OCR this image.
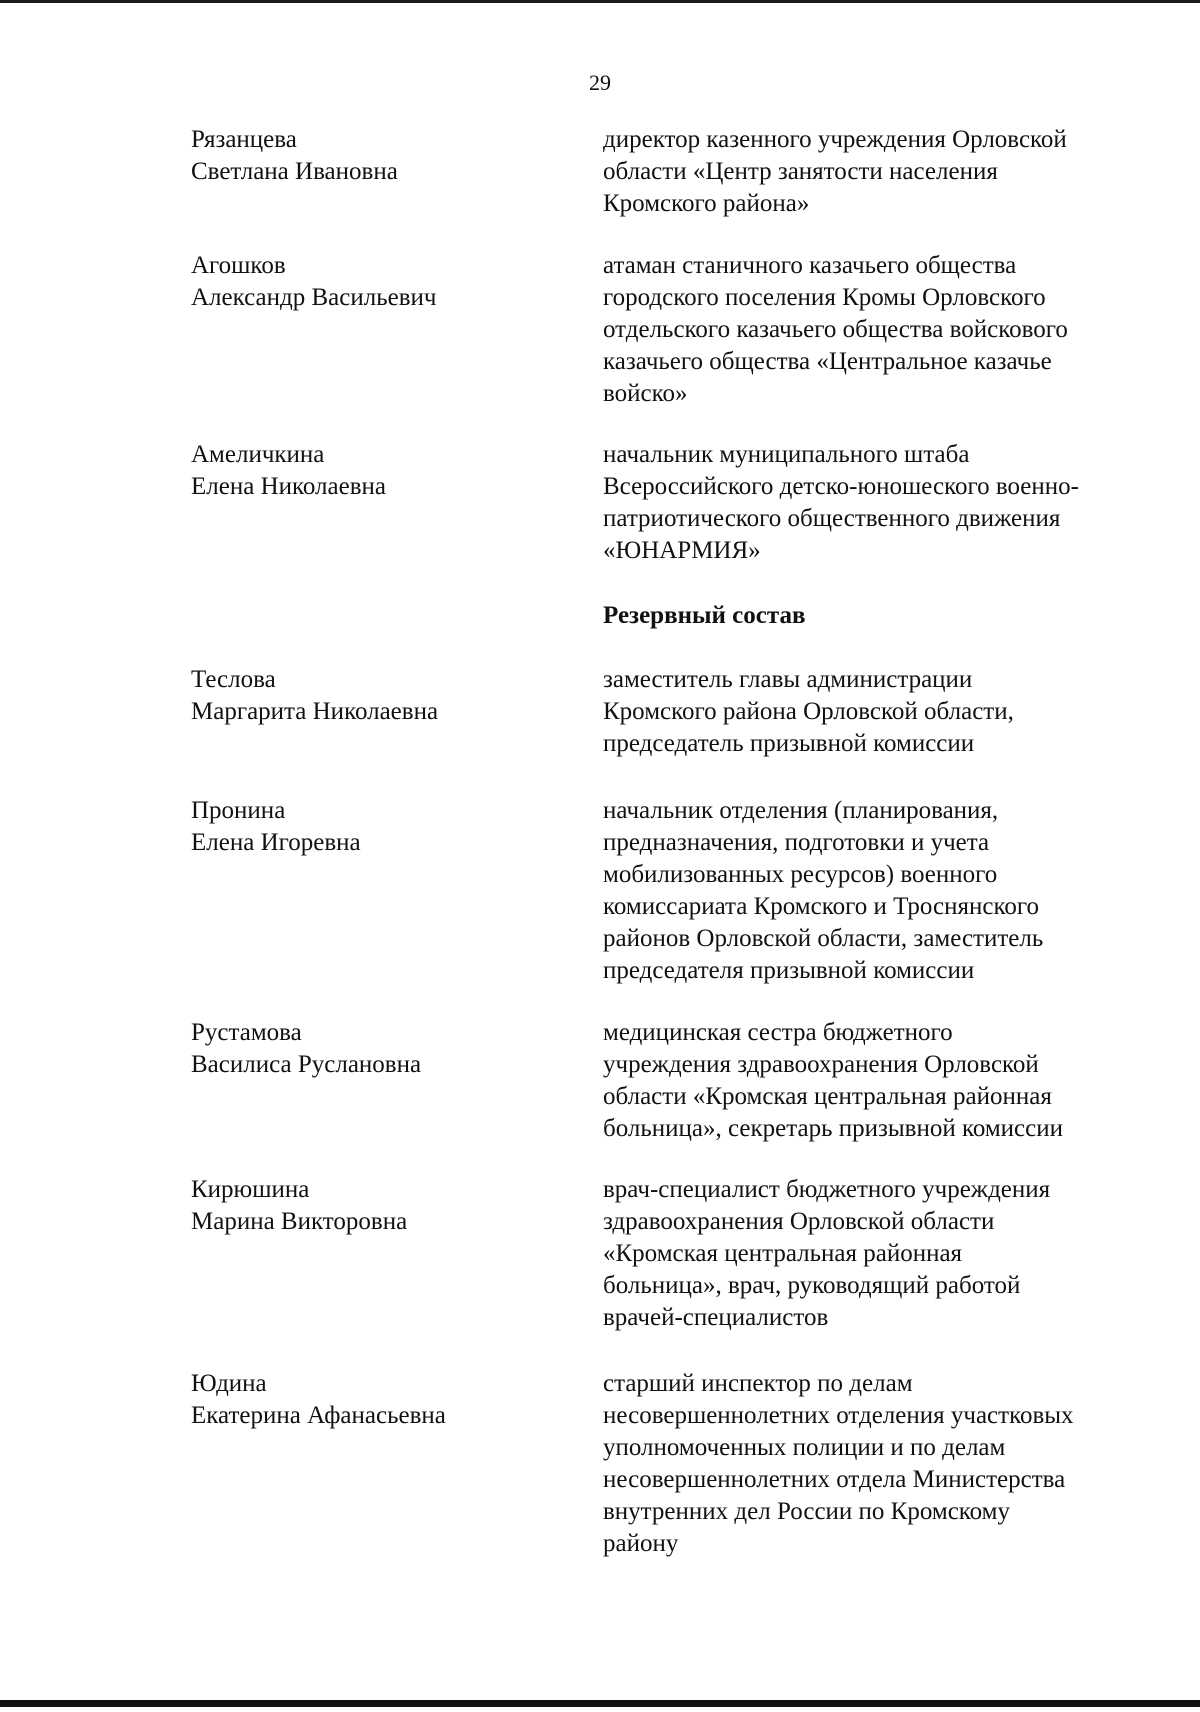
29
Рязанцева
Светлана Ивановна
директор казенного учреждения Орловской
области «Центр занятости населения
Кромского района»
Агошков
Александр Васильевич
атаман станичного казачьего общества
городского поселения Кромы Орловского
отдельского казачьего общества войскового
казачьего общества «Центральное казачье
войско»
Амеличкина
Елена Николаевна
начальник муниципального штаба
Всероссийского детско-юношеского военно-
патриотического общественного движения
«ЮНАРМИЯ»
Резервный состав
Теслова
Маргарита Николаевна
заместитель главы администрации
Кромского района Орловской области,
председатель призывной комиссии
Пронина
Елена Игоревна
начальник отделения (планирования,
предназначения, подготовки и учета
мобилизованных ресурсов) военного
комиссариата Кромского и Троснянского
районов Орловской области, заместитель
председателя призывной комиссии
Рустамова
Василиса Руслановна
медицинская сестра бюджетного
учреждения здравоохранения Орловской
области «Кромская центральная районная
больница», секретарь призывной комиссии
Кирюшина
Марина Викторовна
врач-специалист бюджетного учреждения
здравоохранения Орловской области
«Кромская центральная районная
больница», врач, руководящий работой
врачей-специалистов
Юдина
Екатерина Афанасьевна
старший инспектор по делам
несовершеннолетних отделения участковых
уполномоченных полиции и по делам
несовершеннолетних отдела Министерства
внутренних дел России по Кромскому
району
